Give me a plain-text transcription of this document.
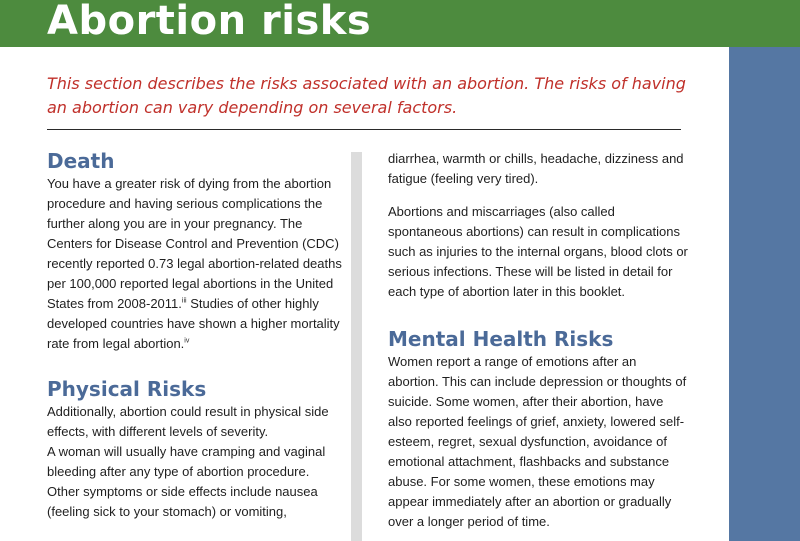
Abortion risks

This section describes the risks associated with an abortion. The risks of having an abortion can vary depending on several factors.

Death

You have a greater risk of dying from the abortion procedure and having serious complications the further along you are in your pregnancy. The Centers for Disease Control and Prevention (CDC) recently reported 0.73 legal abortion-related deaths per 100,000 reported legal abortions in the United States from 2008-2011.$^{iii}$ Studies of other highly developed countries have shown a higher mortality rate from legal abortion.$^{iv}$

Physical Risks

Additionally, abortion could result in physical side effects, with different levels of severity.

A woman will usually have cramping and vaginal bleeding after any type of abortion procedure. Other symptoms or side effects include nausea (feeling sick to your stomach) or vomiting,

diarrhea, warmth or chills, headache, dizziness and fatigue (feeling very tired).

Abortions and miscarriages (also called spontaneous abortions) can result in complications such as injuries to the internal organs, blood clots or serious infections. These will be listed in detail for each type of abortion later in this booklet.

Mental Health Risks

Women report a range of emotions after an abortion. This can include depression or thoughts of suicide. Some women, after their abortion, have also reported feelings of grief, anxiety, lowered self-esteem, regret, sexual dysfunction, avoidance of emotional attachment, flashbacks and substance abuse. For some women, these emotions may appear immediately after an abortion or gradually over a longer period of time.
